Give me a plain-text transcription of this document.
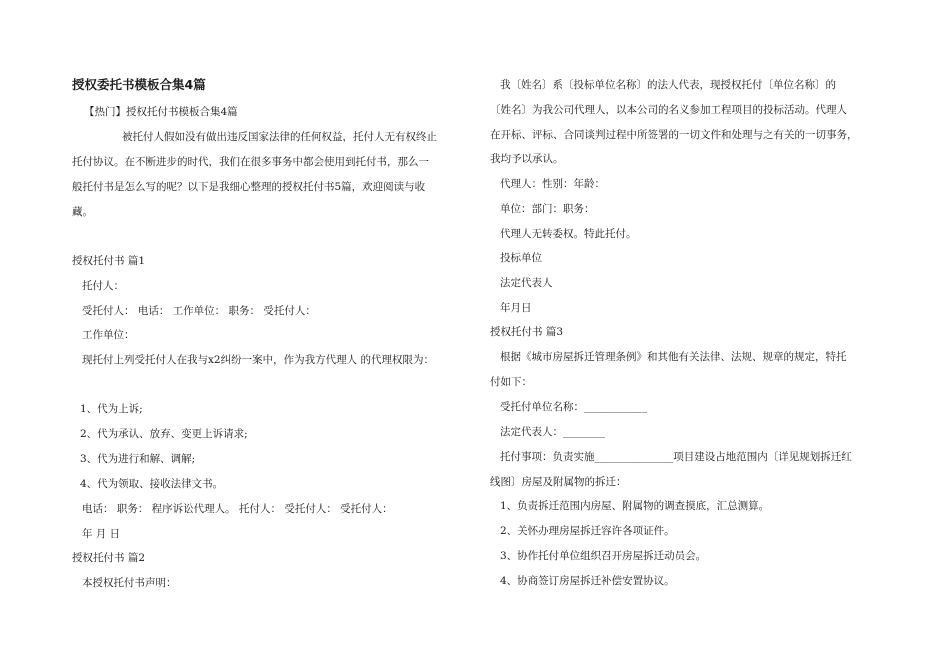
授权委托书模板合集4篇
【热门】授权托付书模板合集4篇
被托付人假如没有做出违反国家法律的任何权益，托付人无有权终止
托付协议。在不断进步的时代，我们在很多事务中都会使用到托付书，那么一
般托付书是怎么写的呢？以下是我细心整理的授权托付书5篇，欢迎阅读与收
藏。
授权托付书 篇1
托付人：
受托付人： 电话： 工作单位： 职务： 受托付人：
工作单位：
现托付上列受托付人在我与x2纠纷一案中，作为我方代理人 的代理权限为：
1、代为上诉;
2、代为承认、放弃、变更上诉请求;
3、代为进行和解、调解;
4、代为领取、接收法律文书。
电话： 职务： 程序诉讼代理人。 托付人： 受托付人： 受托付人：
年 月 日
授权托付书 篇2
本授权托付书声明：
我〔姓名〕系〔投标单位名称〕的法人代表，现授权托付〔单位名称〕的
〔姓名〕为我公司代理人，以本公司的名义参加工程项目的投标活动。代理人
在开标、评标、合同谈判过程中所签署的一切文件和处理与之有关的一切事务，
我均予以承认。
代理人：性别：年龄：
单位：部门：职务：
代理人无转委权。特此托付。
投标单位
法定代表人
年月日
授权托付书 篇3
根据《城市房屋拆迁管理条例》和其他有关法律、法规、规章的规定，特托
付如下：
受托付单位名称：____________
法定代表人：________
托付事项：负责实施_______________项目建设占地范围内〔详见规划拆迁红
线图〕房屋及附属物的拆迁：
1、负责拆迁范围内房屋、附属物的调查摸底，汇总测算。
2、关怀办理房屋拆迁容许各项证件。
3、协作托付单位组织召开房屋拆迁动员会。
4、协商签订房屋拆迁补偿安置协议。
